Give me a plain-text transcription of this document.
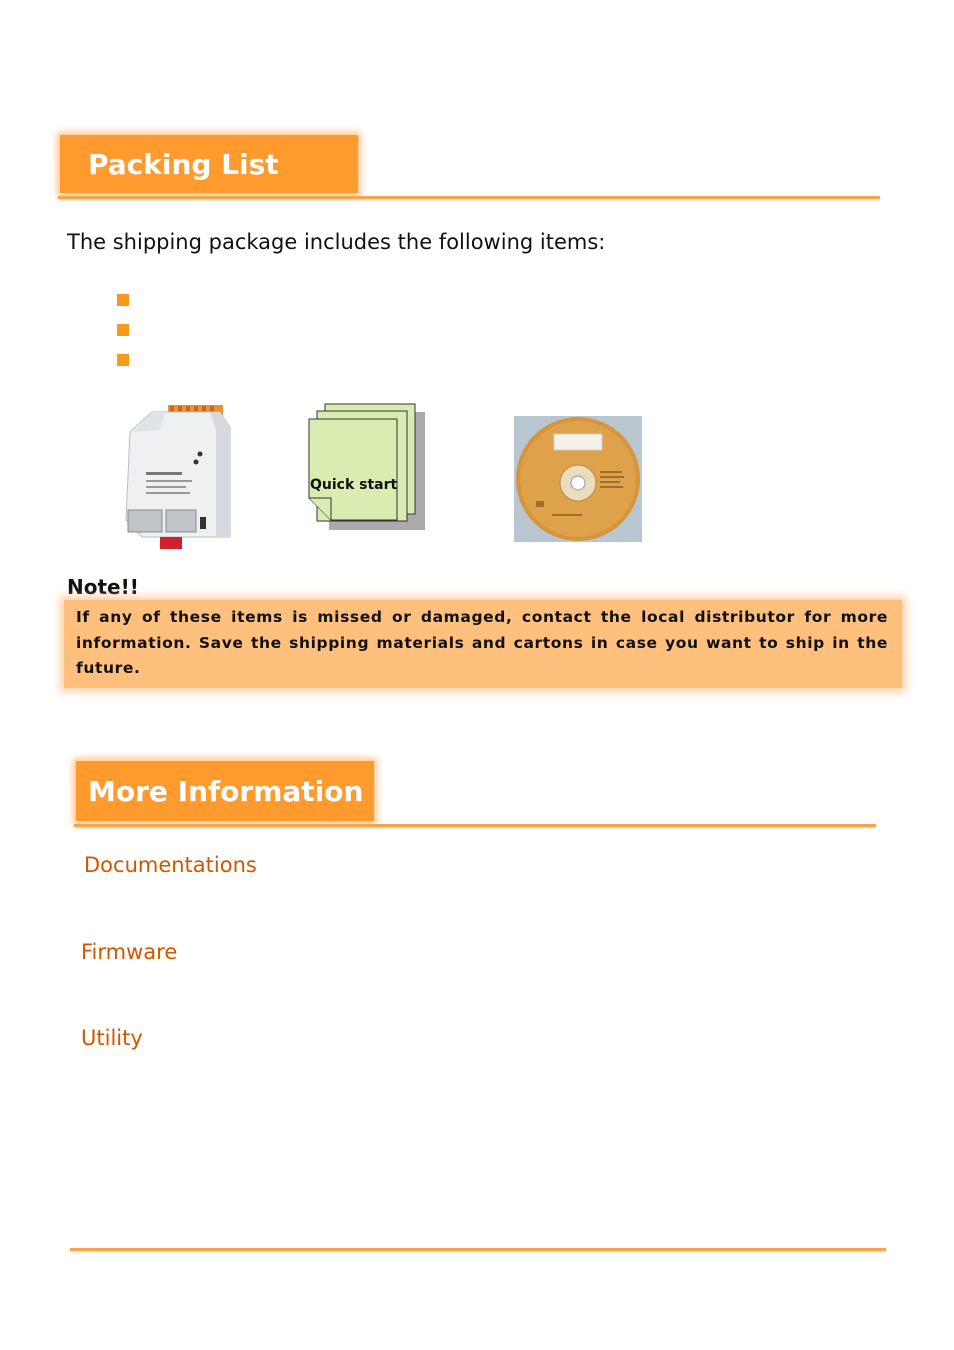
Packing List
The shipping package includes the following items:
Quick start
Note!!
If any of these items is missed or damaged, contact the local distributor for more information. Save the shipping materials and cartons in case you want to ship in the future.
More Information
Documentations
Firmware
Utility
